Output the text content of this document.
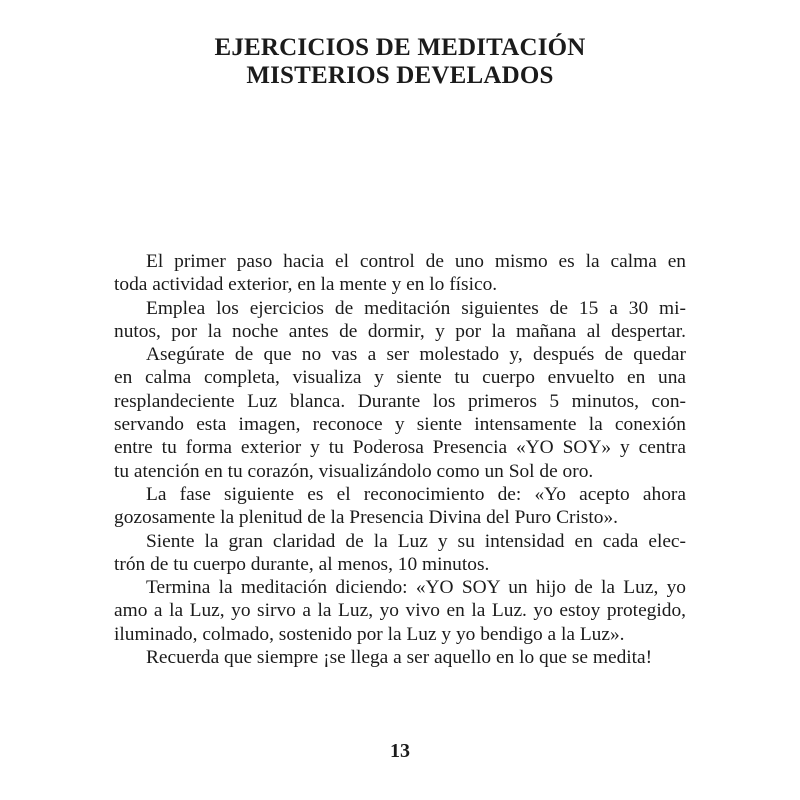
EJERCICIOS DE MEDITACIÓN
MISTERIOS DEVELADOS
El primer paso hacia el control de uno mismo es la calma en
toda actividad exterior, en la mente y en lo físico.
Emplea los ejercicios de meditación siguientes de 15 a 30 mi-
nutos, por la noche antes de dormir, y por la mañana al despertar.
Asegúrate de que no vas a ser molestado y, después de quedar
en calma completa, visualiza y siente tu cuerpo envuelto en una
resplandeciente Luz blanca. Durante los primeros 5 minutos, con-
servando esta imagen, reconoce y siente intensamente la conexión
entre tu forma exterior y tu Poderosa Presencia «YO SOY» y centra
tu atención en tu corazón, visualizándolo como un Sol de oro.
La fase siguiente es el reconocimiento de: «Yo acepto ahora
gozosamente la plenitud de la Presencia Divina del Puro Cristo».
Siente la gran claridad de la Luz y su intensidad en cada elec-
trón de tu cuerpo durante, al menos, 10 minutos.
Termina la meditación diciendo: «YO SOY un hijo de la Luz, yo
amo a la Luz, yo sirvo a la Luz, yo vivo en la Luz. yo estoy protegido,
iluminado, colmado, sostenido por la Luz y yo bendigo a la Luz».
Recuerda que siempre ¡se llega a ser aquello en lo que se medita!
13
